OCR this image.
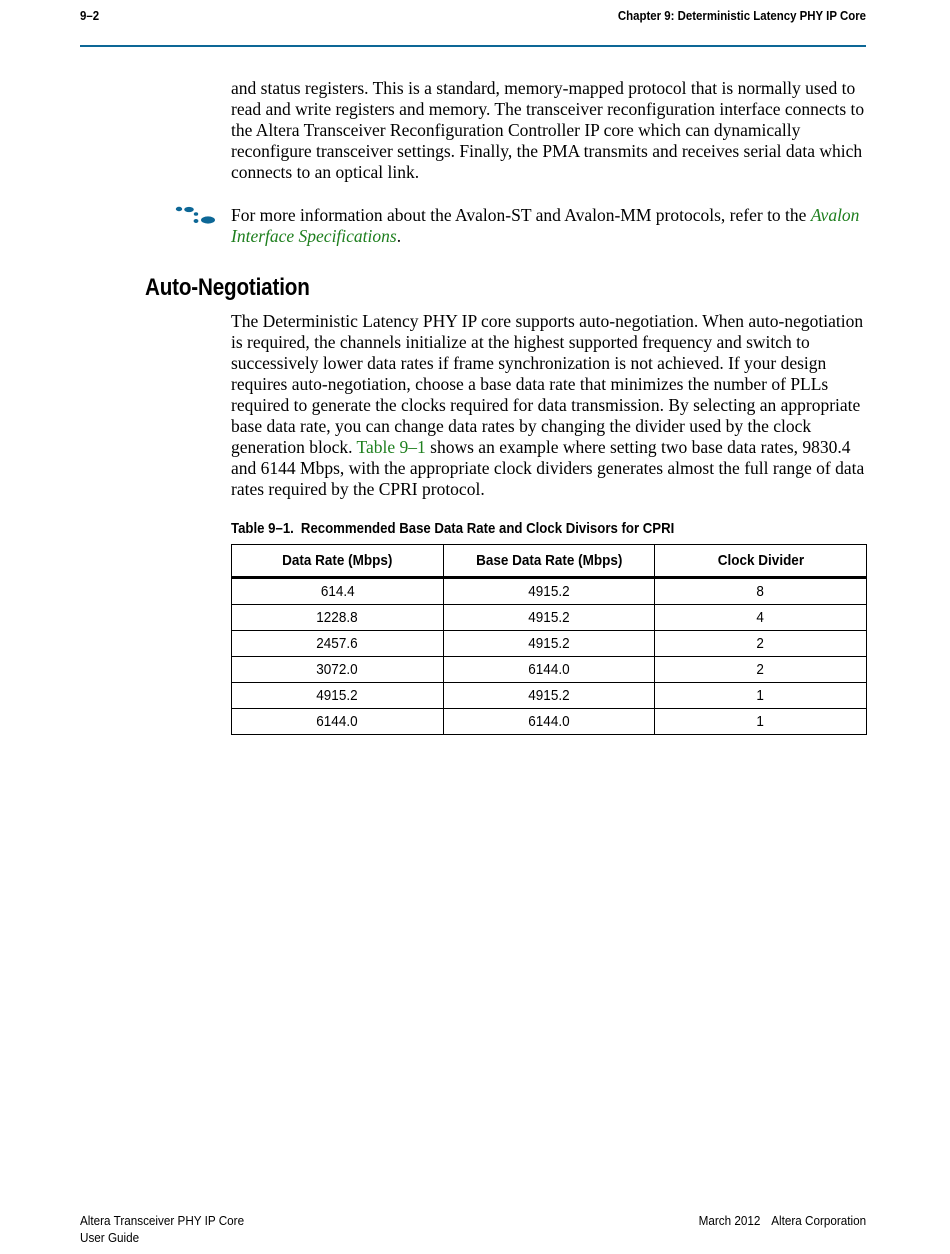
9–2	Chapter 9: Deterministic Latency PHY IP Core
and status registers. This is a standard, memory-mapped protocol that is normally used to read and write registers and memory. The transceiver reconfiguration interface connects to the Altera Transceiver Reconfiguration Controller IP core which can dynamically reconfigure transceiver settings. Finally, the PMA transmits and receives serial data which connects to an optical link.
For more information about the Avalon-ST and Avalon-MM protocols, refer to the Avalon Interface Specifications.
Auto-Negotiation
The Deterministic Latency PHY IP core supports auto-negotiation. When auto-negotiation is required, the channels initialize at the highest supported frequency and switch to successively lower data rates if frame synchronization is not achieved. If your design requires auto-negotiation, choose a base data rate that minimizes the number of PLLs required to generate the clocks required for data transmission. By selecting an appropriate base data rate, you can change data rates by changing the divider used by the clock generation block. Table 9–1 shows an example where setting two base data rates, 9830.4 and 6144 Mbps, with the appropriate clock dividers generates almost the full range of data rates required by the CPRI protocol.
Table 9–1. Recommended Base Data Rate and Clock Divisors for CPRI
Data Rate (Mbps)	Base Data Rate (Mbps)	Clock Divider
614.4	4915.2	8
1228.8	4915.2	4
2457.6	4915.2	2
3072.0	6144.0	2
4915.2	4915.2	1
6144.0	6144.0	1
Altera Transceiver PHY IP Core
User Guide
March 2012 Altera Corporation
